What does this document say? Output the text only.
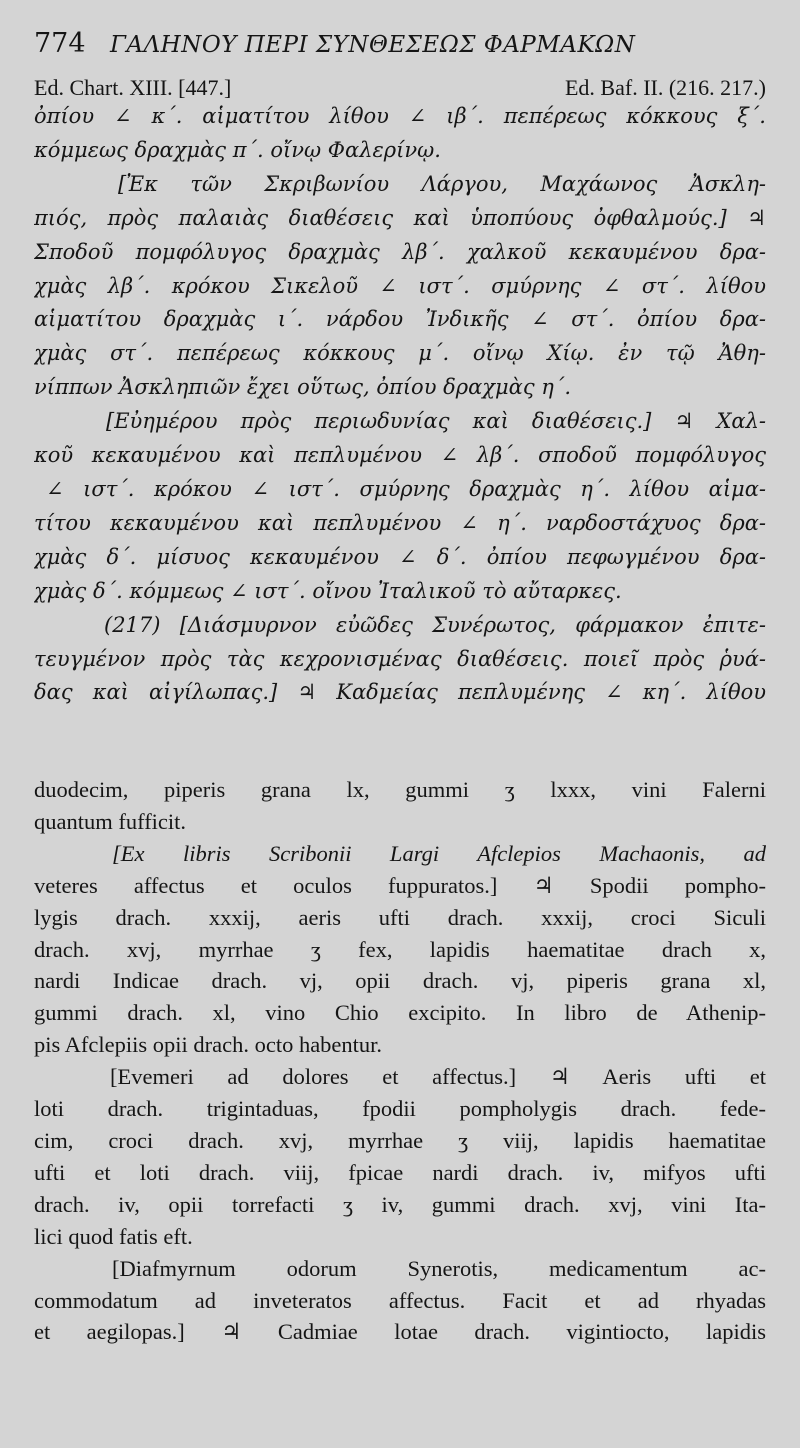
774 ΓΑΛΗΝΟΥ ΠΕΡΙ ΣΥΝΘΕΣΕΩΣ ΦΑΡΜΑΚΩΝ
Ed. Chart. XIII. [447.]	Ed. Baf. II. (216. 217.)
ὀπίου ∠ κ΄. αἱματίτου λίθου ∠ ιβ΄. πεπέρεως κόκκους ξ΄.
κόμμεως δραχμὰς π΄. οἴνῳ Φαλερίνῳ.
[Ἐκ τῶν Σκριβωνίου Λάργου, Μαχάωνος Ἀσκλη-
πιός, πρὸς παλαιὰς διαθέσεις καὶ ὑποπύους ὀφθαλμούς.] ♃
Σποδοῦ πομφόλυγος δραχμὰς λβ΄. χαλκοῦ κεκαυμένου δρα-
χμὰς λβ΄. κρόκου Σικελοῦ ∠ ιστ΄. σμύρνης ∠ στ΄. λίθου
αἱματίτου δραχμὰς ι΄. νάρδου Ἰνδικῆς ∠ στ΄. ὀπίου δρα-
χμὰς στ΄. πεπέρεως κόκκους μ΄. οἴνῳ Χίῳ. ἐν τῷ Ἀθη-
νίππων Ἀσκληπιῶν ἔχει οὕτως, ὀπίου δραχμὰς η΄.
[Εὐημέρου πρὸς περιωδυνίας καὶ διαθέσεις.] ♃ Χαλ-
κοῦ κεκαυμένου καὶ πεπλυμένου ∠ λβ΄. σποδοῦ πομφόλυγος
∠ ιστ΄. κρόκου ∠ ιστ΄. σμύρνης δραχμὰς η΄. λίθου αἱμα-
τίτου κεκαυμένου καὶ πεπλυμένου ∠ η΄. ναρδοστάχυος δρα-
χμὰς δ΄. μίσυος κεκαυμένου ∠ δ΄. ὀπίου πεφωγμένου δρα-
χμὰς δ΄. κόμμεως ∠ ιστ΄. οἴνου Ἰταλικοῦ τὸ αὔταρκες.
(217) [Διάσμυρνον εὐῶδες Συνέρωτος, φάρμακον ἐπιτε-
τευγμένον πρὸς τὰς κεχρονισμένας διαθέσεις. ποιεῖ πρὸς ῥυά-
δας καὶ αἰγίλωπας.] ♃ Καδμείας πεπλυμένης ∠ κη΄. λίθου
duodecim, piperis grana lx, gummi ʒ lxxx, vini Falerni
quantum fufficit.
[Ex libris Scribonii Largi Afclepios Machaonis, ad
veteres affectus et oculos fuppuratos.] ♃ Spodii pompho-
lygis drach. xxxij, aeris ufti drach. xxxij, croci Siculi
drach. xvj, myrrhae ʒ fex, lapidis haematitae drach x,
nardi Indicae drach. vj, opii drach. vj, piperis grana xl,
gummi drach. xl, vino Chio excipito. In libro de Athenip-
pis Afclepiis opii drach. octo habentur.
[Evemeri ad dolores et affectus.] ♃ Aeris ufti et
loti drach. trigintaduas, fpodii pompholygis drach. fede-
cim, croci drach. xvj, myrrhae ʒ viij, lapidis haematitae
ufti et loti drach. viij, fpicae nardi drach. iv, mifyos ufti
drach. iv, opii torrefacti ʒ iv, gummi drach. xvj, vini Ita-
lici quod fatis eft.
[Diafmyrnum odorum Synerotis, medicamentum ac-
commodatum ad inveteratos affectus. Facit et ad rhyadas
et aegilopas.] ♃ Cadmiae lotae drach. vigintiocto, lapidis
